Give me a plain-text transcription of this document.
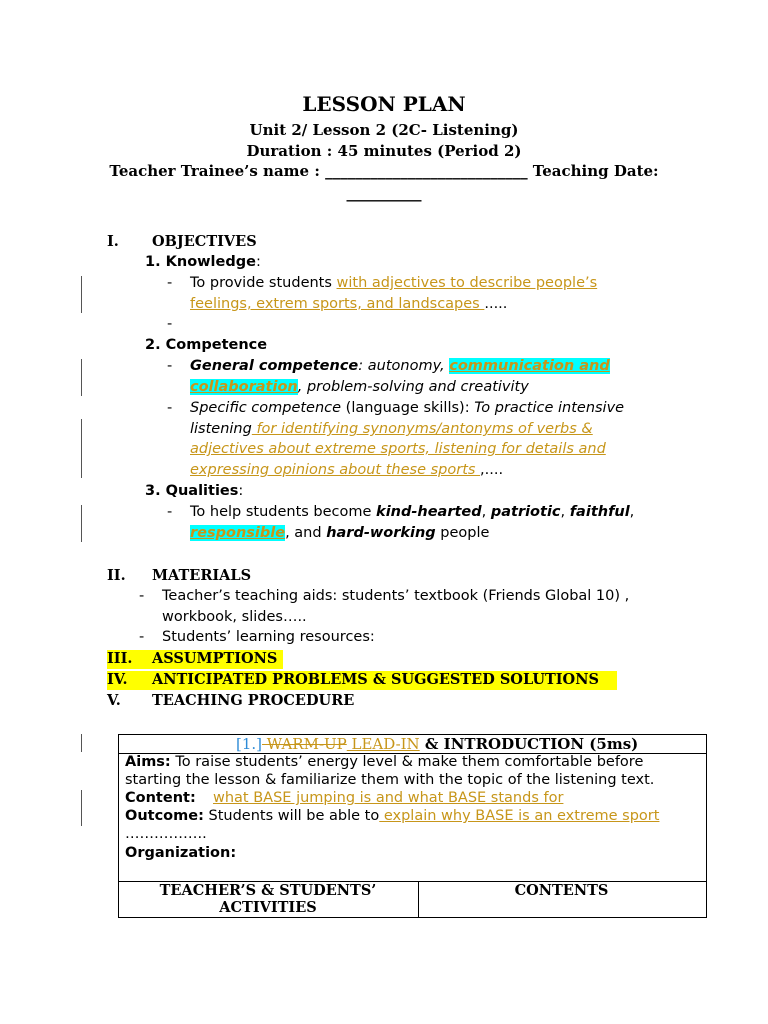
LESSON PLAN
Unit 2/ Lesson 2 (2C- Listening)
Duration : 45 minutes (Period 2)
Teacher Trainee’s name : ___________________________ Teaching Date:
__________
I. OBJECTIVES
1. Knowledge:
- To provide students with adjectives to describe people’s
feelings, extrem sports, and landscapes .....
-
2. Competence
- General competence: autonomy, communication and
collaboration, problem-solving and creativity
- Specific competence (language skills): To practice intensive
listening for identifying synonyms/antonyms of verbs &
adjectives about extreme sports, listening for details and
expressing opinions about these sports ,....
3. Qualities:
- To help students become kind-hearted, patriotic, faithful,
responsible, and hard-working people
II. MATERIALS
- Teacher’s teaching aids: students’ textbook (Friends Global 10) ,
workbook, slides…..
- Students’ learning resources:
III. ASSUMPTIONS
IV. ANTICIPATED PROBLEMS & SUGGESTED SOLUTIONS
V. TEACHING PROCEDURE
[1.] WARM-UP LEAD-IN & INTRODUCTION (5ms)
Aims: To raise students’ energy level & make them comfortable before
starting the lesson & familiarize them with the topic of the listening text.
Content: what BASE jumping is and what BASE stands for
Outcome: Students will be able to explain why BASE is an extreme sport
……………..
Organization:
TEACHER’S & STUDENTS’
ACTIVITIES
CONTENTS
